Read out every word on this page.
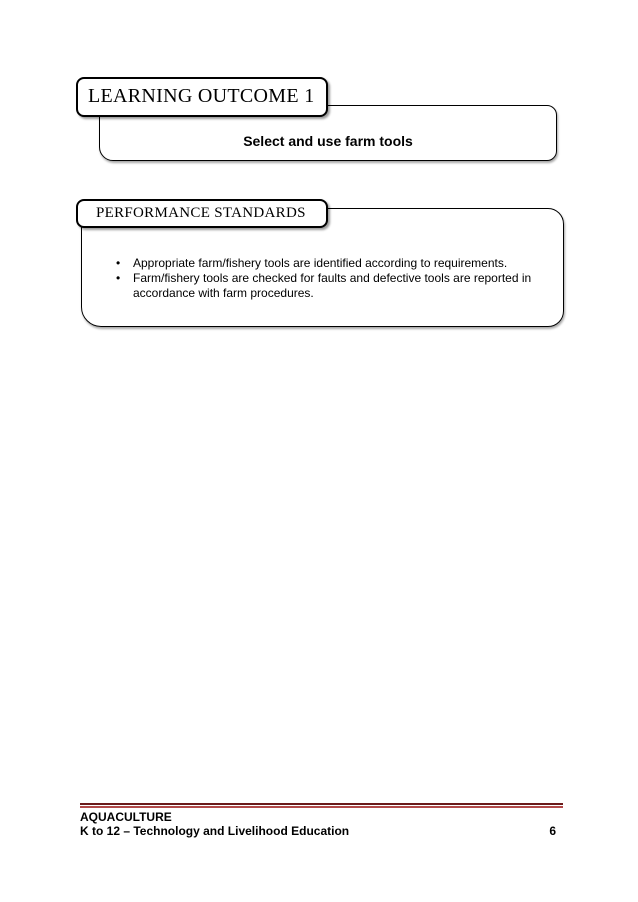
Select and use farm tools
LEARNING OUTCOME 1
PERFORMANCE STANDARDS
• Appropriate farm/fishery tools are identified according to requirements.
• Farm/fishery tools are checked for faults and defective tools are reported in accordance with farm procedures.
AQUACULTURE
K to 12 – Technology and Livelihood Education	6
